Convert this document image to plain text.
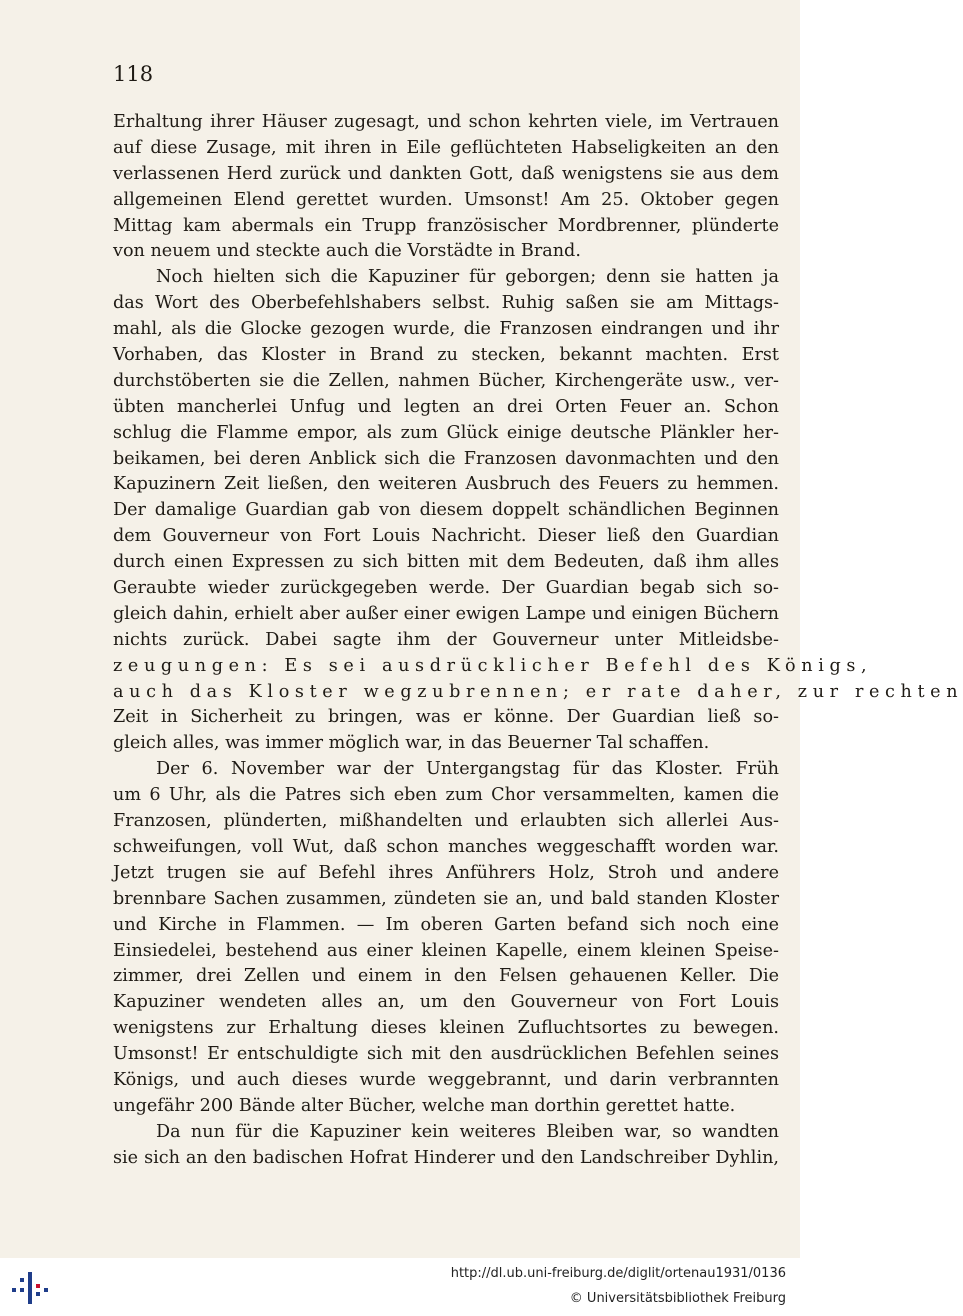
118
Erhaltung ihrer Häuser zugesagt, und schon kehrten viele, im Vertrauen
auf diese Zusage, mit ihren in Eile geflüchteten Habseligkeiten an den
verlassenen Herd zurück und dankten Gott, daß wenigstens sie aus dem
allgemeinen Elend gerettet wurden. Umsonst! Am 25. Oktober gegen
Mittag kam abermals ein Trupp französischer Mordbrenner, plünderte
von neuem und steckte auch die Vorstädte in Brand.
Noch hielten sich die Kapuziner für geborgen; denn sie hatten ja
das Wort des Oberbefehlshabers selbst. Ruhig saßen sie am Mittags-
mahl, als die Glocke gezogen wurde, die Franzosen eindrangen und ihr
Vorhaben, das Kloster in Brand zu stecken, bekannt machten. Erst
durchstöberten sie die Zellen, nahmen Bücher, Kirchengeräte usw., ver-
übten mancherlei Unfug und legten an drei Orten Feuer an. Schon
schlug die Flamme empor, als zum Glück einige deutsche Plänkler her-
beikamen, bei deren Anblick sich die Franzosen davonmachten und den
Kapuzinern Zeit ließen, den weiteren Ausbruch des Feuers zu hemmen.
Der damalige Guardian gab von diesem doppelt schändlichen Beginnen
dem Gouverneur von Fort Louis Nachricht. Dieser ließ den Guardian
durch einen Expressen zu sich bitten mit dem Bedeuten, daß ihm alles
Geraubte wieder zurückgegeben werde. Der Guardian begab sich so-
gleich dahin, erhielt aber außer einer ewigen Lampe und einigen Büchern
nichts zurück. Dabei sagte ihm der Gouverneur unter Mitleidsbe-
zeugungen: Es sei ausdrücklicher Befehl des Königs,
auch das Kloster wegzubrennen; er rate daher, zur rechten
Zeit in Sicherheit zu bringen, was er könne. Der Guardian ließ so-
gleich alles, was immer möglich war, in das Beuerner Tal schaffen.
Der 6. November war der Untergangstag für das Kloster. Früh
um 6 Uhr, als die Patres sich eben zum Chor versammelten, kamen die
Franzosen, plünderten, mißhandelten und erlaubten sich allerlei Aus-
schweifungen, voll Wut, daß schon manches weggeschafft worden war.
Jetzt trugen sie auf Befehl ihres Anführers Holz, Stroh und andere
brennbare Sachen zusammen, zündeten sie an, und bald standen Kloster
und Kirche in Flammen. — Im oberen Garten befand sich noch eine
Einsiedelei, bestehend aus einer kleinen Kapelle, einem kleinen Speise-
zimmer, drei Zellen und einem in den Felsen gehauenen Keller. Die
Kapuziner wendeten alles an, um den Gouverneur von Fort Louis
wenigstens zur Erhaltung dieses kleinen Zufluchtsortes zu bewegen.
Umsonst! Er entschuldigte sich mit den ausdrücklichen Befehlen seines
Königs, und auch dieses wurde weggebrannt, und darin verbrannten
ungefähr 200 Bände alter Bücher, welche man dorthin gerettet hatte.
Da nun für die Kapuziner kein weiteres Bleiben war, so wandten
sie sich an den badischen Hofrat Hinderer und den Landschreiber Dyhlin,
http://dl.ub.uni-freiburg.de/diglit/ortenau1931/0136
© Universitätsbibliothek Freiburg
